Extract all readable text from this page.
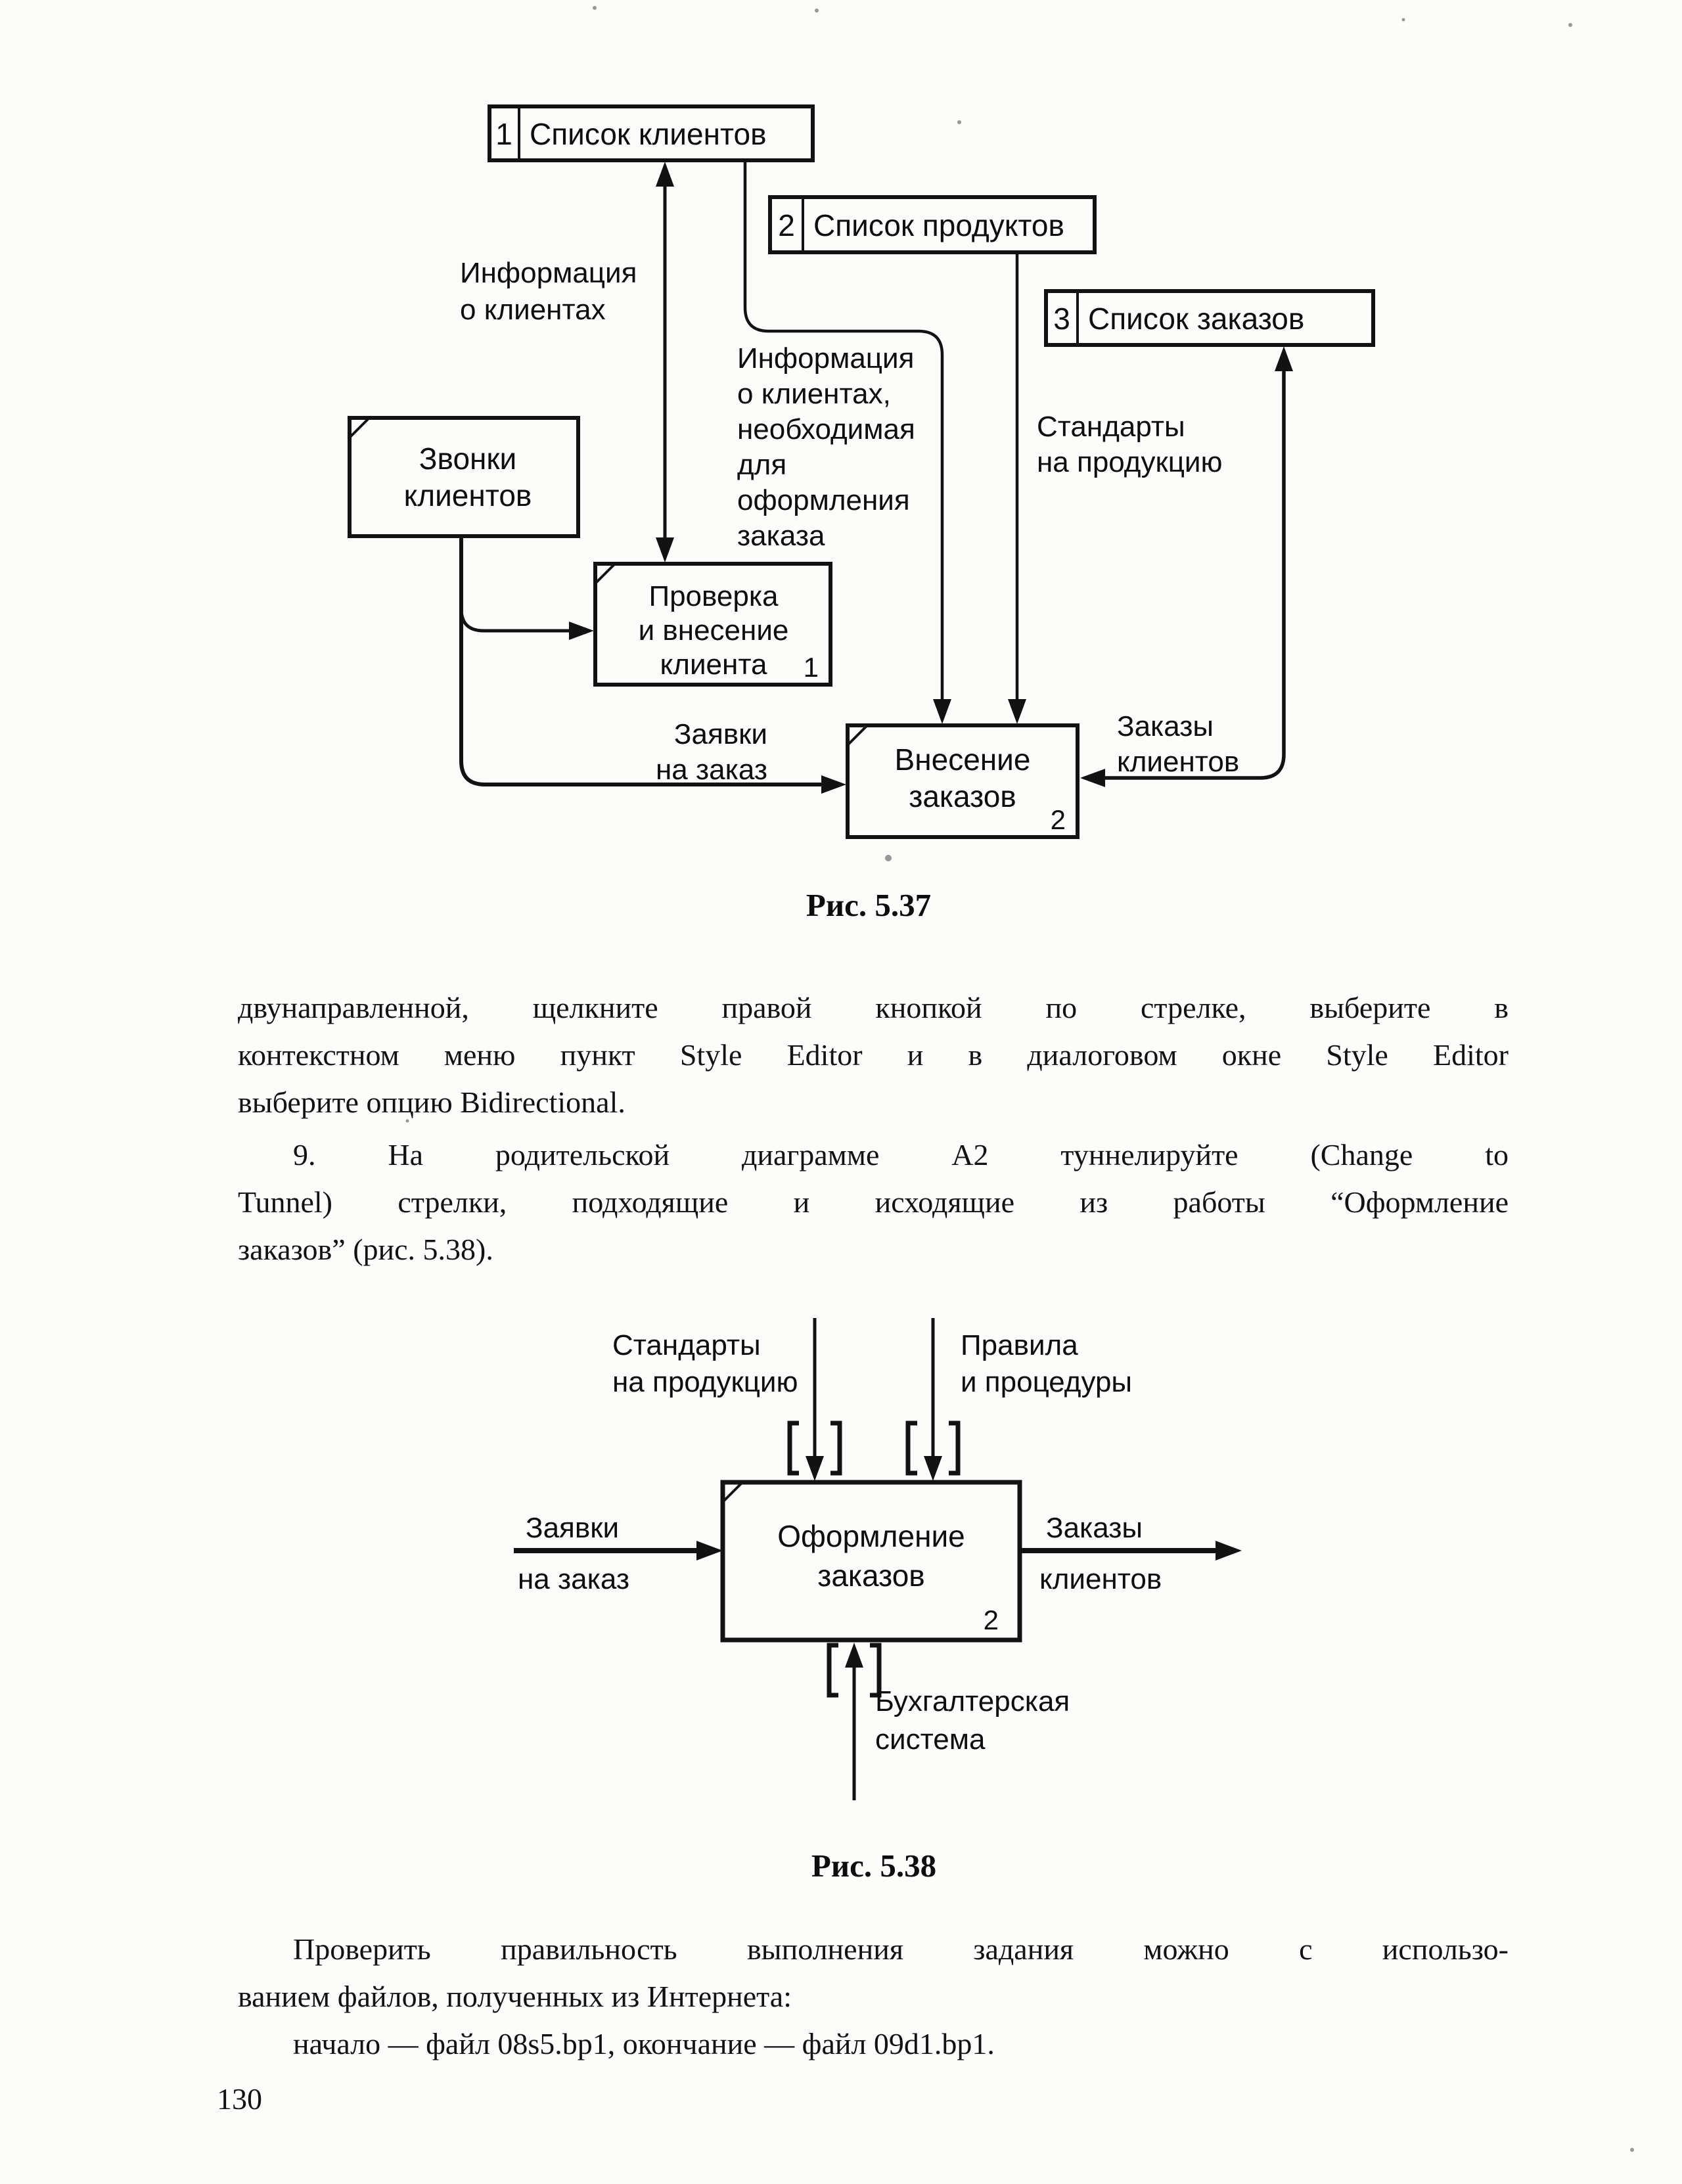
1 Список клиентов
2 Список продуктов
3 Список заказов
Звонки
клиентов
Проверка
и внесение
клиента 1
Внесение
заказов
2
Информация
о клиентах
Информация
о клиентах,
необходимая
для
оформления
заказа
Стандарты
на продукцию
Заявки
на заказ
Заказы
клиентов
Рис. 5.37
Оформление
заказов
2
Стандарты
на продукцию
Правила
и процедуры
Заявки
на заказ
Заказы
клиентов
Бухгалтерская
система
Рис. 5.38
двунаправленной, щелкните правой кнопкой по стрелке, выберите в
контекстном меню пункт Style Editor и в диалоговом окне Style Editor
выберите опцию Bidirectional.
9. На родительской диаграмме А2 туннелируйте (Change to
Tunnel) стрелки, подходящие и исходящие из работы “Оформление
заказов” (рис. 5.38).
Проверить правильность выполнения задания можно с использо-
ванием файлов, полученных из Интернета:
начало — файл 08s5.bp1, окончание — файл 09d1.bp1.
130
